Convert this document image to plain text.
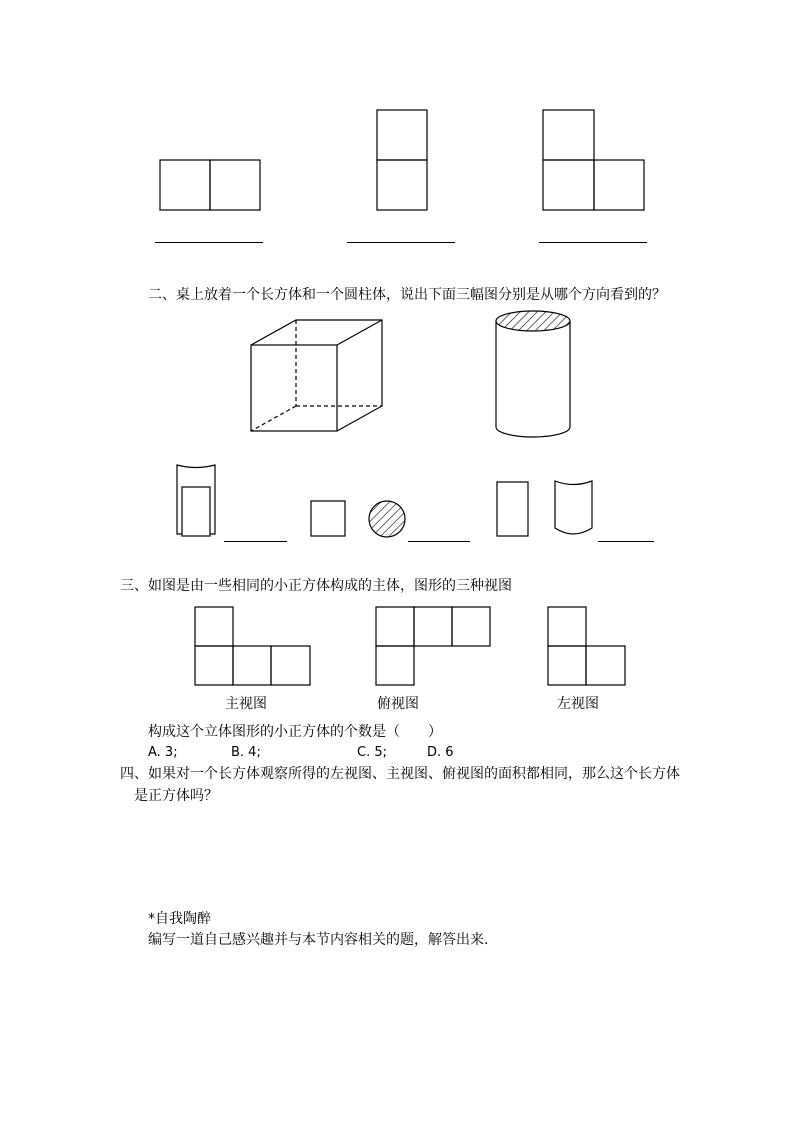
二、桌上放着一个长方体和一个圆柱体，说出下面三幅图分别是从哪个方向看到的？
三、如图是由一些相同的小正方体构成的主体，图形的三种视图
主视图	俯视图	左视图
构成这个立体图形的小正方体的个数是（　　）
A. 3;	B. 4;	C. 5;	D. 6
四、如果对一个长方体观察所得的左视图、主视图、俯视图的面积都相同，那么这个长方体
是正方体吗？
*自我陶醉
编写一道自己感兴趣并与本节内容相关的题，解答出来.
